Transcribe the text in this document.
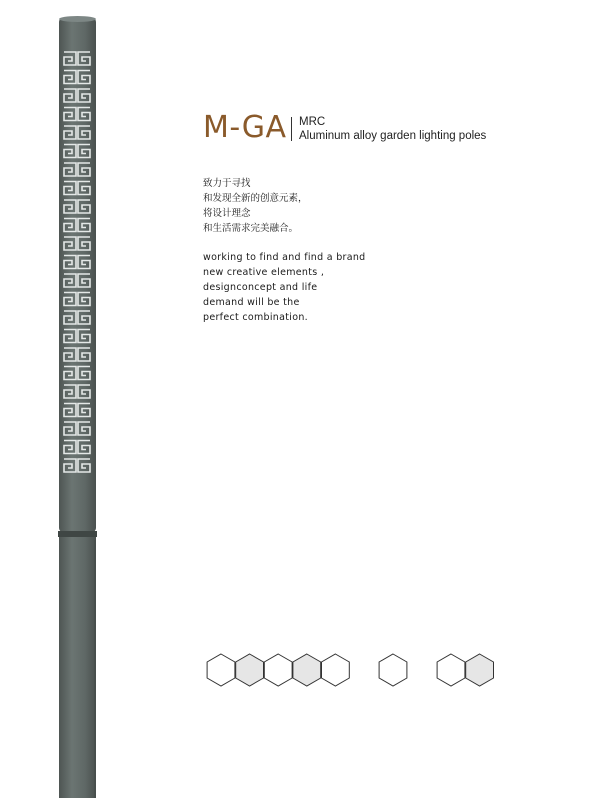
M-GA MRC
Aluminum alloy garden lighting poles
致力于寻找
和发现全新的创意元素，
将设计理念
和生活需求完美融合。
working to find and find a brand
new creative elements ,
designconcept and life
demand will be the
perfect combination.
